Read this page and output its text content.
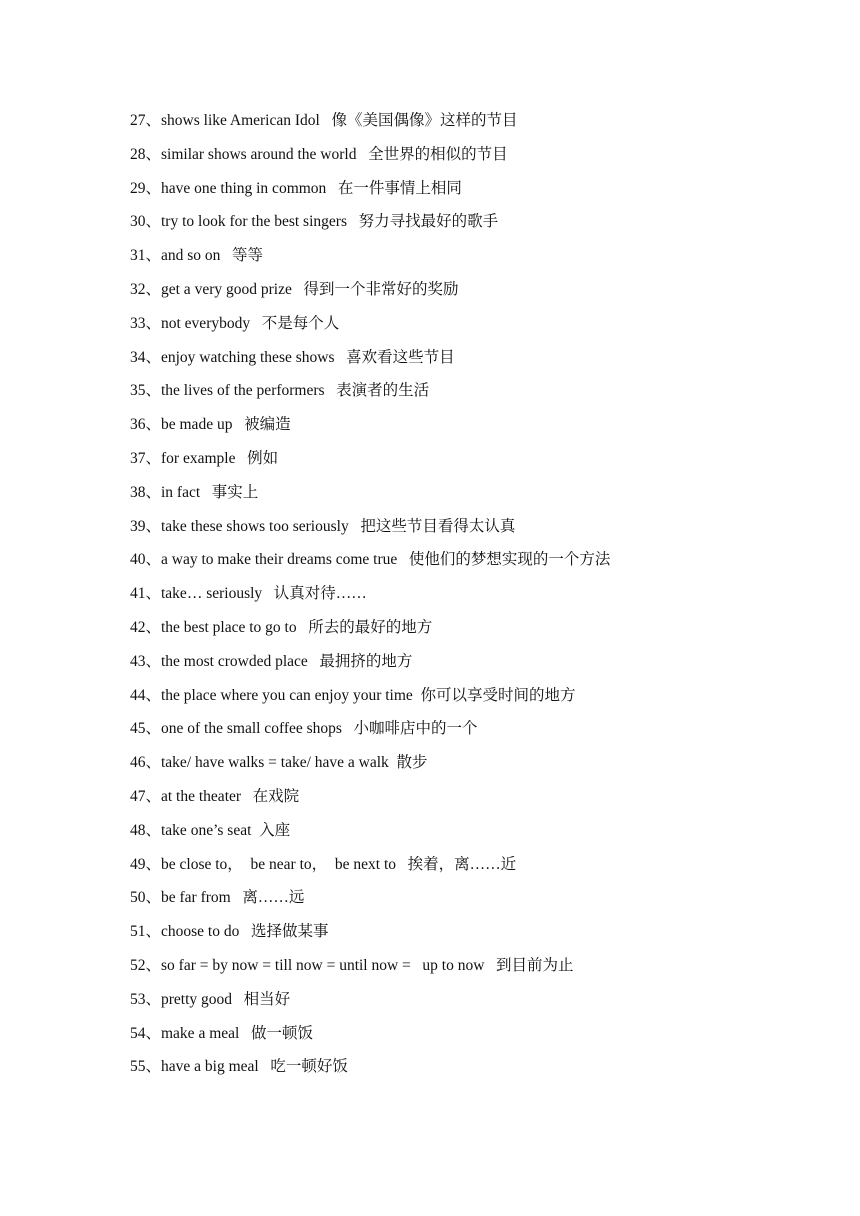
27、shows like American Idol   像《美国偶像》这样的节目
28、similar shows around the world   全世界的相似的节目
29、have one thing in common   在一件事情上相同
30、try to look for the best singers   努力寻找最好的歌手
31、and so on   等等
32、get a very good prize   得到一个非常好的奖励
33、not everybody   不是每个人
34、enjoy watching these shows   喜欢看这些节目
35、the lives of the performers   表演者的生活
36、be made up   被编造
37、for example   例如
38、in fact   事实上
39、take these shows too seriously   把这些节目看得太认真
40、a way to make their dreams come true   使他们的梦想实现的一个方法
41、take… seriously   认真对待……
42、the best place to go to   所去的最好的地方
43、the most crowded place   最拥挤的地方
44、the place where you can enjoy your time  你可以享受时间的地方
45、one of the small coffee shops   小咖啡店中的一个
46、take/ have walks = take/ have a walk  散步
47、at the theater   在戏院
48、take one’s seat  入座
49、be close to，  be near to，  be next to   挨着，离……近
50、be far from   离……远
51、choose to do   选择做某事
52、so far = by now = till now = until now =   up to now   到目前为止
53、pretty good   相当好
54、make a meal   做一顿饭
55、have a big meal   吃一顿好饭
